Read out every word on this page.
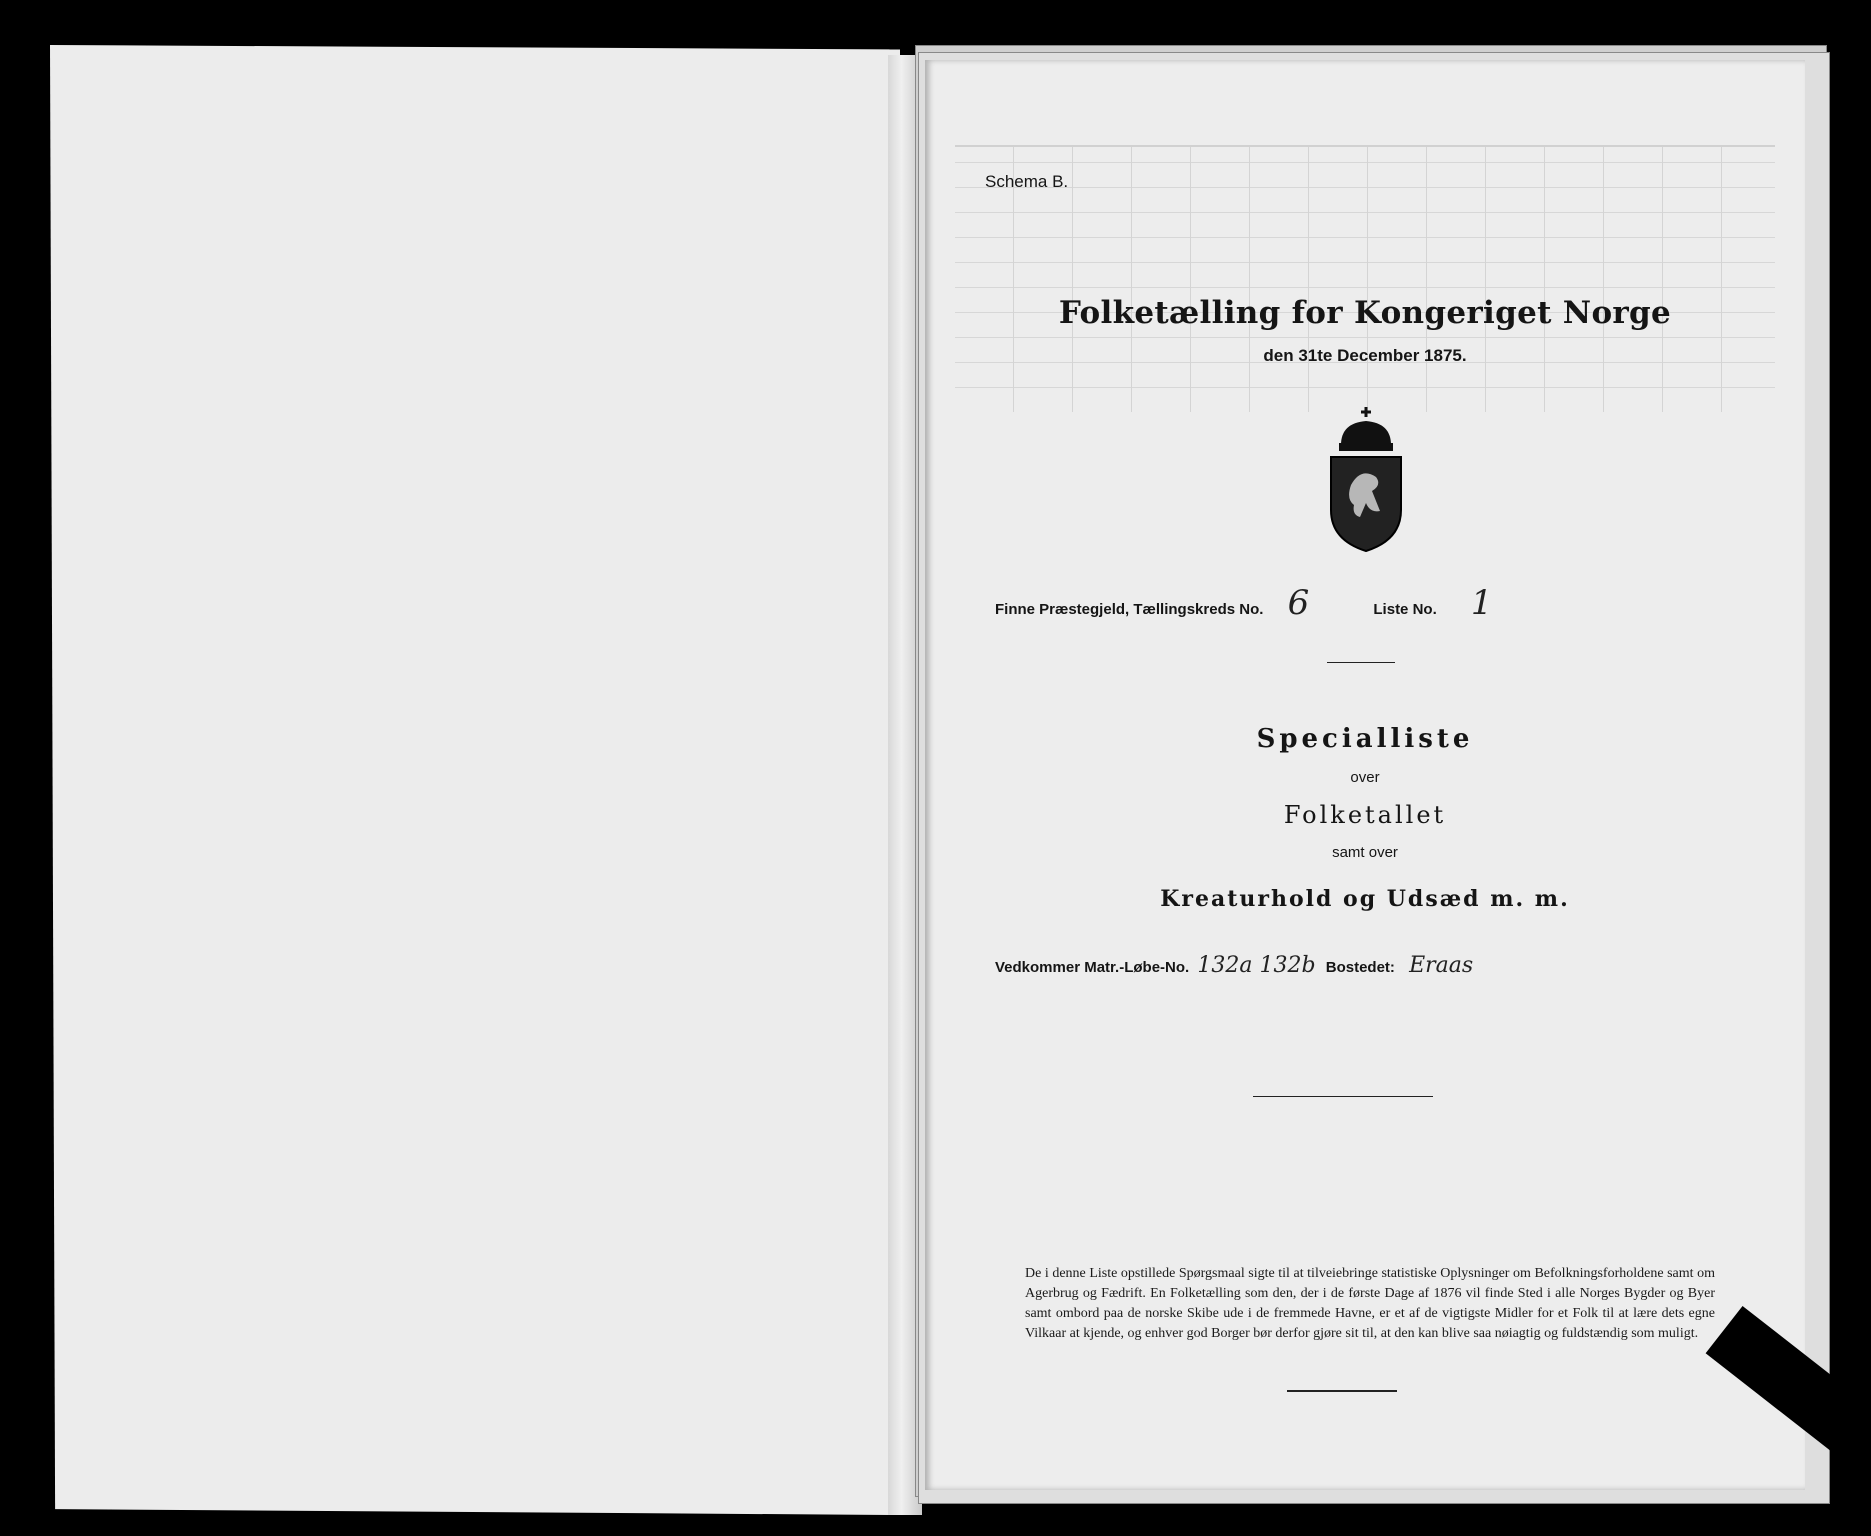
Schema B.
Folketælling for Kongeriget Norge
den 31te December 1875.
Finne Præstegjeld, Tællingskreds No. 6	Liste No. 1
Specialliste
over
Folketallet
samt over
Kreaturhold og Udsæd m. m.
Vedkommer Matr.-Løbe-No. 132a 132b Bostedet: Eraas
De i denne Liste opstillede Spørgsmaal sigte til at tilveiebringe statistiske Oplysninger om Befolkningsforholdene samt om Agerbrug og Fædrift. En Folketælling som den, der i de første Dage af 1876 vil finde Sted i alle Norges Bygder og Byer samt ombord paa de norske Skibe ude i de fremmede Havne, er et af de vigtigste Midler for et Folk til at lære dets egne Vilkaar at kjende, og enhver god Borger bør derfor gjøre sit til, at den kan blive saa nøiagtig og fuldstændig som muligt.
